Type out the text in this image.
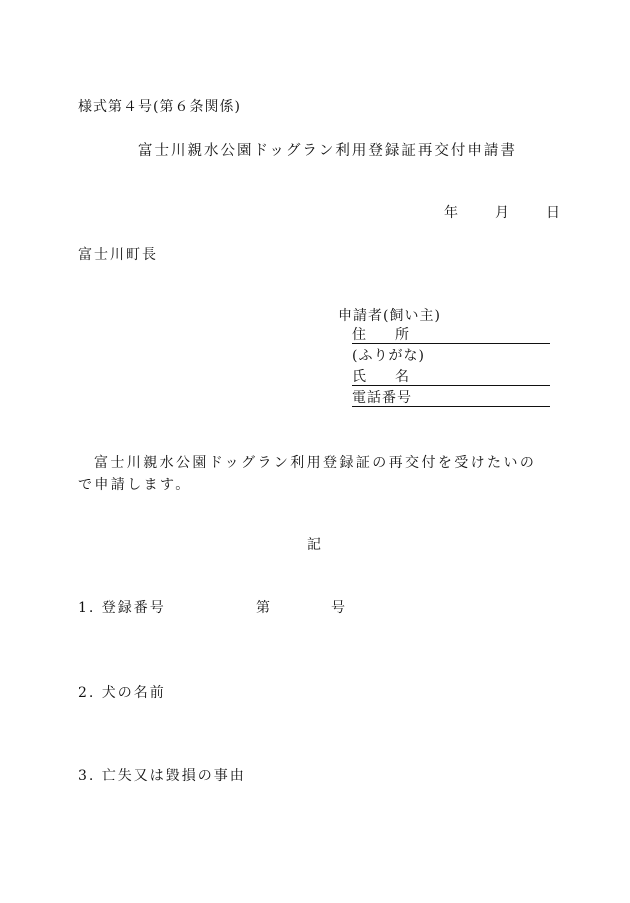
様式第４号(第６条関係)
富士川親水公園ドッグラン利用登録証再交付申請書
年	月	日
富士川町長
申請者(飼い主)
住 所
(ふりがな)
氏 名
電話番号
富士川親水公園ドッグラン利用登録証の再交付を受けたいので申請します。
記
1. 登録番号	第	号
2. 犬の名前
3. 亡失又は毀損の事由
